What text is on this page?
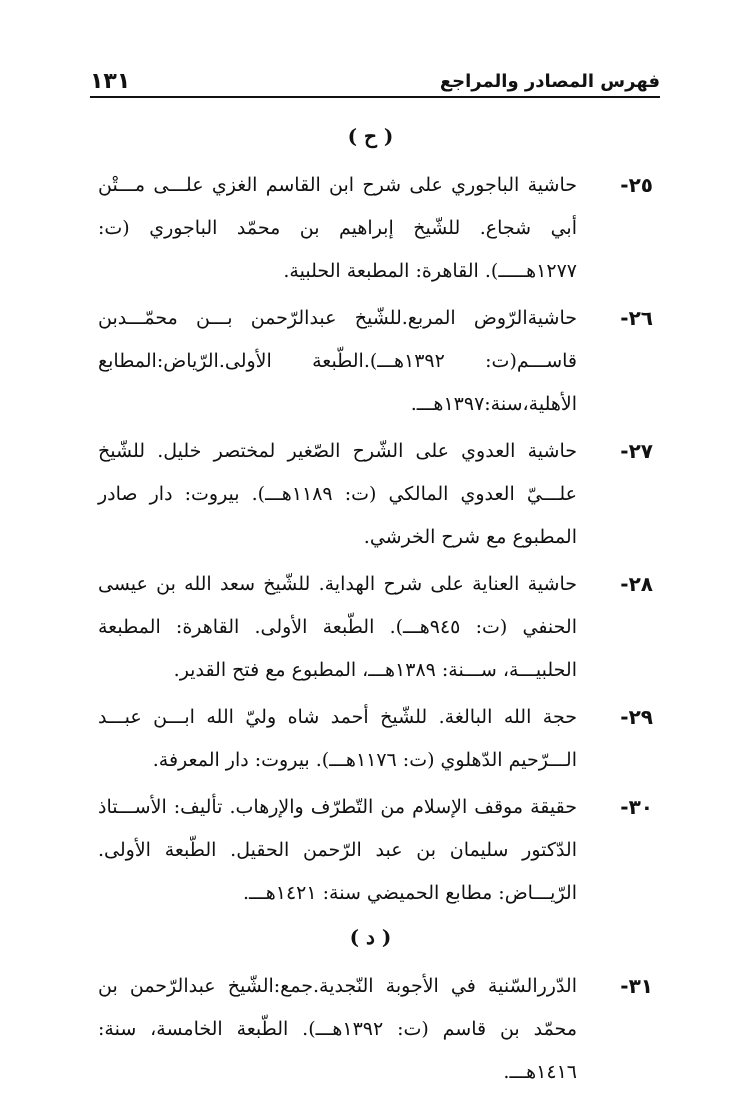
فهرس المصادر والمراجع
١٣١
( ح )
٢٥-
حاشية الباجوري على شرح ابن القاسم الغزي علـــى مـــتْن أبي شجاع. للشّيخ إبراهيم بن محمّد الباجوري (ت: ١٢٧٧هـــــ). القاهرة: المطبعة الحلبية.
٢٦-
حاشيةالرّوض المربع.للشّيخ عبدالرّحمن بـــن محمّـــدبن قاســـم(ت: ١٣٩٢هـــ).الطّبعة الأولى.الرّياض:المطابع الأهلية،سنة:١٣٩٧هـــ.
٢٧-
حاشية العدوي على الشّرح الصّغير لمختصر خليل. للشّيخ علـــيّ العدوي المالكي (ت: ١١٨٩هـــ). بيروت: دار صادر المطبوع مع شرح الخرشي.
٢٨-
حاشية العناية على شرح الهداية. للشّيخ سعد الله بن عيسى الحنفي (ت: ٩٤٥هـــ). الطّبعة الأولى. القاهرة: المطبعة الحلبيـــة، ســـنة: ١٣٨٩هـــ، المطبوع مع فتح القدير.
٢٩-
حجة الله البالغة. للشّيخ أحمد شاه وليّ الله ابـــن عبـــد الـــرّحيم الدّهلوي (ت: ١١٧٦هـــ). بيروت: دار المعرفة.
٣٠-
حقيقة موقف الإسلام من التّطرّف والإرهاب. تأليف: الأســـتاذ الدّكتور سليمان بن عبد الرّحمن الحقيل. الطّبعة الأولى. الرّيـــاض: مطابع الحميضي سنة: ١٤٢١هـــ.
( د )
٣١-
الدّررالسّنية في الأجوبة النّجدية.جمع:الشّيخ عبدالرّحمن بن محمّد بن قاسم (ت: ١٣٩٢هـــ). الطّبعة الخامسة، سنة: ١٤١٦هـــ.
